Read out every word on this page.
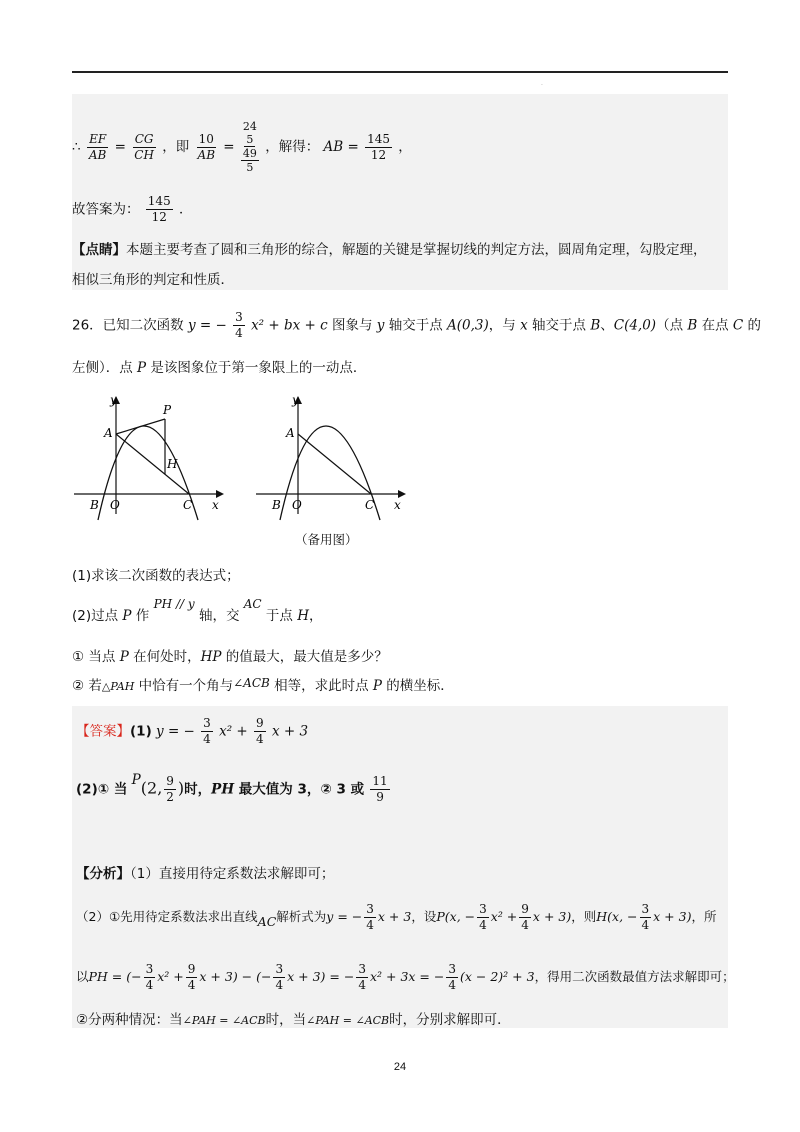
·
∴ $\frac{EF}{AB} = \frac{CG}{CH}$ ，即 $\frac{10}{AB}$ =
24
5
49
5
，解得： AB = $\frac{145}{12}$ ，
故答案为： $\frac{145}{12}$ ．
【点睛】本题主要考查了圆和三角形的综合，解题的关键是掌握切线的判定方法，圆周角定理，勾股定理，
相似三角形的判定和性质．
26．已知二次函数 y = − $\frac{3}{4} x^2$ + bx + c 图象与 y 轴交于点 A(0,3)，与 x 轴交于点 B、C(4,0)（点 B 在点 C 的
左侧）．点 P 是该图象位于第一象限上的一动点．
y
A
P
H
B O	C x
y
A
B O	C x
（备用图）
(1)求该二次函数的表达式；
(2)过点 P 作 PH // y 轴，交 AC 于点 H，
① 当点 P 在何处时，HP 的值最大，最大值是多少？
② 若△PAH 中恰有一个角与∠ACB 相等，求此时点 P 的横坐标．
【答案】(1) y = − $\frac{3}{4} x^2 + \frac{9}{4}$ x + 3
(2)① 当 P(2, $\frac{9}{2}$ )时，PH 最大值为 3，② 3 或 $\frac{11}{9}$
【分析】（1）直接用待定系数法求解即可；
（2）①先用待定系数法求出直线AC解析式为y = − $\frac{3}{4}$ x + 3，设P(x, − $\frac{3}{4} x^2 + \frac{9}{4}$ x + 3)，则H(x, − $\frac{3}{4}$ x + 3)，所
以PH = (− $\frac{3}{4} x^2 + \frac{9}{4}$ x + 3) − (− $\frac{3}{4}$ x + 3) = − $\frac{3}{4} x^2 + 3x$ = − $\frac{3}{4} (x - 2)^2 + 3$，得用二次函数最值方法求解即可；
②分两种情况：当∠PAH = ∠ACB时，当∠PAH = ∠ACB时，分别求解即可．
24
